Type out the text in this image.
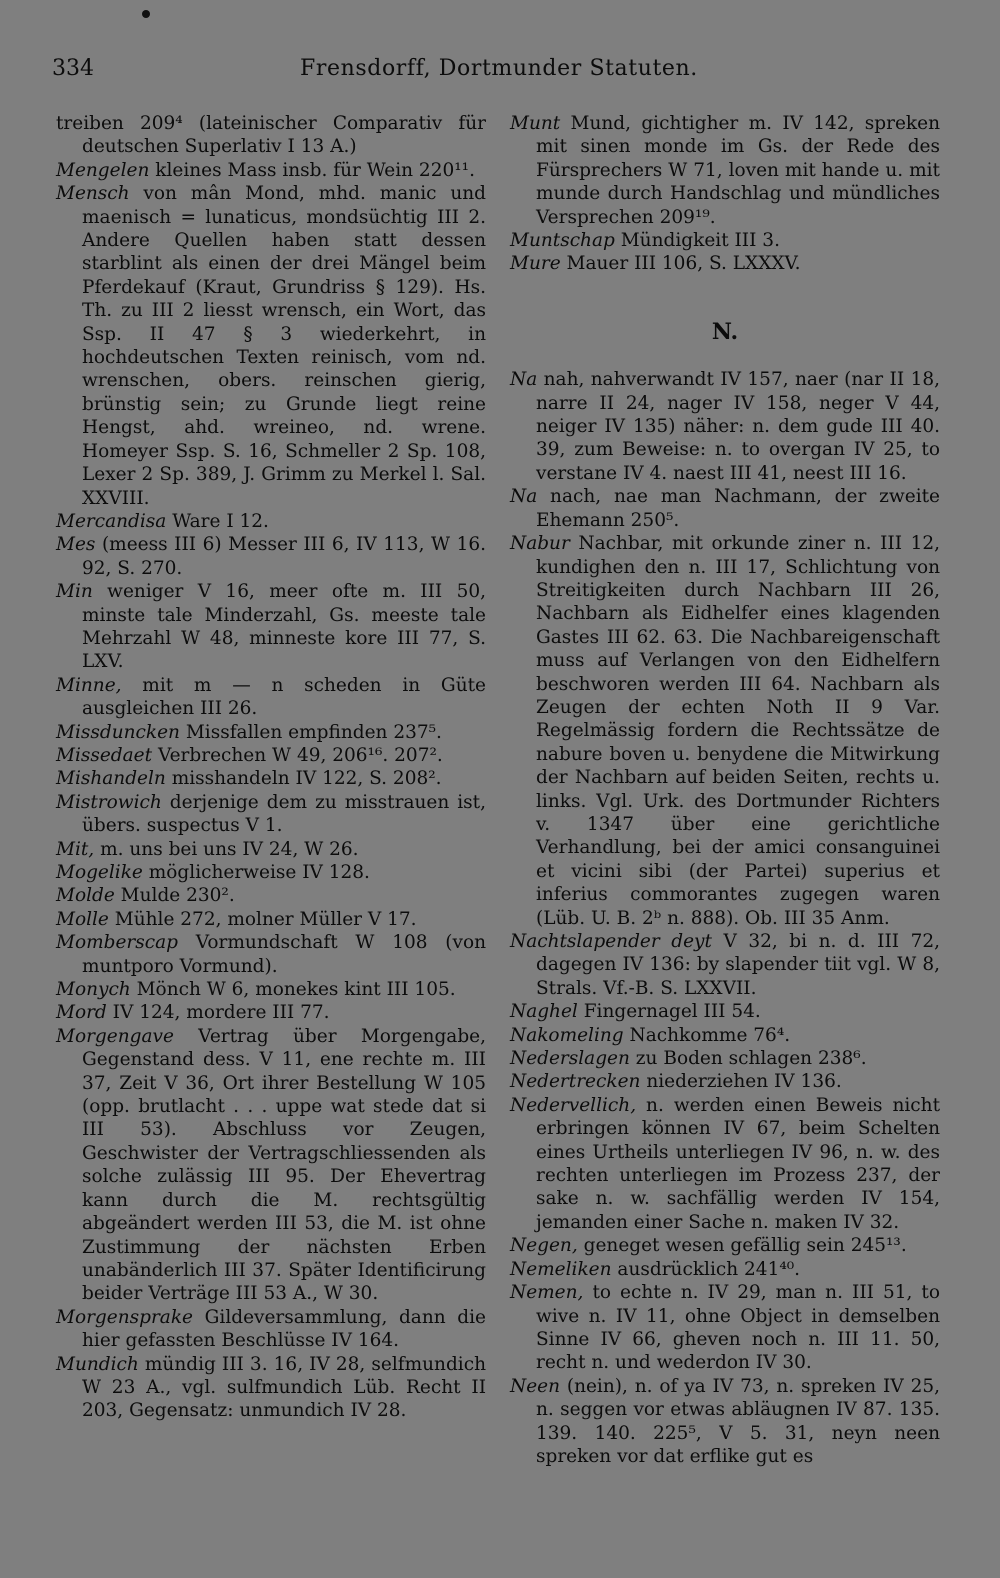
334	Frensdorff, Dortmunder Statuten.

treiben 209⁴ (lateinischer Comparativ für deutschen Superlativ I 13 A.)

Mengelen kleines Mass insb. für Wein 220¹¹.

Mensch von mân Mond, mhd. manic und maenisch = lunaticus, mondsüchtig III 2. Andere Quellen haben statt dessen starblint als einen der drei Mängel beim Pferdekauf (Kraut, Grundriss § 129). Hs. Th. zu III 2 liesst wrensch, ein Wort, das Ssp. II 47 § 3 wiederkehrt, in hochdeutschen Texten reinisch, vom nd. wrenschen, obers. reinschen gierig, brünstig sein; zu Grunde liegt reine Hengst, ahd. wreineo, nd. wrene. Homeyer Ssp. S. 16, Schmeller 2 Sp. 108, Lexer 2 Sp. 389, J. Grimm zu Merkel l. Sal. XXVIII.

Mercandisa Ware I 12.

Mes (meess III 6) Messer III 6, IV 113, W 16. 92, S. 270.

Min weniger V 16, meer ofte m. III 50, minste tale Minderzahl, Gs. meeste tale Mehrzahl W 48, minneste kore III 77, S. LXV.

Minne, mit m — n scheden in Güte ausgleichen III 26.

Missduncken Missfallen empfinden 237⁵.

Missedaet Verbrechen W 49, 206¹⁶. 207².

Mishandeln misshandeln IV 122, S. 208².

Mistrowich derjenige dem zu misstrauen ist, übers. suspectus V 1.

Mit, m. uns bei uns IV 24, W 26.

Mogelike möglicherweise IV 128.

Molde Mulde 230².

Molle Mühle 272, molner Müller V 17.

Momberscap Vormundschaft W 108 (von muntporo Vormund).

Monych Mönch W 6, monekes kint III 105.

Mord IV 124, mordere III 77.

Morgengave Vertrag über Morgengabe, Gegenstand dess. V 11, ene rechte m. III 37, Zeit V 36, Ort ihrer Bestellung W 105 (opp. brutlacht . . . uppe wat stede dat si III 53). Abschluss vor Zeugen, Geschwister der Vertragschliessenden als solche zulässig III 95. Der Ehevertrag kann durch die M. rechtsgültig abgeändert werden III 53, die M. ist ohne Zustimmung der nächsten Erben unabänderlich III 37. Später Identificirung beider Verträge III 53 A., W 30.

Morgensprake Gildeversammlung, dann die hier gefassten Beschlüsse IV 164.

Mundich mündig III 3. 16, IV 28, selfmundich W 23 A., vgl. sulfmundich Lüb. Recht II 203, Gegensatz: unmundich IV 28.

Munt Mund, gichtigher m. IV 142, spreken mit sinen monde im Gs. der Rede des Fürsprechers W 71, loven mit hande u. mit munde durch Handschlag und mündliches Versprechen 209¹⁹.

Muntschap Mündigkeit III 3.

Mure Mauer III 106, S. LXXXV.

N.

Na nah, nahverwandt IV 157, naer (nar II 18, narre II 24, nager IV 158, neger V 44, neiger IV 135) näher: n. dem gude III 40. 39, zum Beweise: n. to overgan IV 25, to verstane IV 4. naest III 41, neest III 16.

Na nach, nae man Nachmann, der zweite Ehemann 250⁵.

Nabur Nachbar, mit orkunde ziner n. III 12, kundighen den n. III 17, Schlichtung von Streitigkeiten durch Nachbarn III 26, Nachbarn als Eidhelfer eines klagenden Gastes III 62. 63. Die Nachbareigenschaft muss auf Verlangen von den Eidhelfern beschworen werden III 64. Nachbarn als Zeugen der echten Noth II 9 Var. Regelmässig fordern die Rechtssätze de nabure boven u. benydene die Mitwirkung der Nachbarn auf beiden Seiten, rechts u. links. Vgl. Urk. des Dortmunder Richters v. 1347 über eine gerichtliche Verhandlung, bei der amici consanguinei et vicini sibi (der Partei) superius et inferius commorantes zugegen waren (Lüb. U. B. 2ᵇ n. 888). Ob. III 35 Anm.

Nachtslapender deyt V 32, bi n. d. III 72, dagegen IV 136: by slapender tiit vgl. W 8, Strals. Vf.-B. S. LXXVII.

Naghel Fingernagel III 54.

Nakomeling Nachkomme 76⁴.

Nederslagen zu Boden schlagen 238⁶.

Nedertrecken niederziehen IV 136.

Nedervellich, n. werden einen Beweis nicht erbringen können IV 67, beim Schelten eines Urtheils unterliegen IV 96, n. w. des rechten unterliegen im Prozess 237, der sake n. w. sachfällig werden IV 154, jemanden einer Sache n. maken IV 32.

Negen, geneget wesen gefällig sein 245¹³.

Nemeliken ausdrücklich 241⁴⁰.

Nemen, to echte n. IV 29, man n. III 51, to wive n. IV 11, ohne Object in demselben Sinne IV 66, gheven noch n. III 11. 50, recht n. und wederdon IV 30.

Neen (nein), n. of ya IV 73, n. spreken IV 25, n. seggen vor etwas abläugnen IV 87. 135. 139. 140. 225⁵, V 5. 31, neyn neen spreken vor dat erflike gut es
